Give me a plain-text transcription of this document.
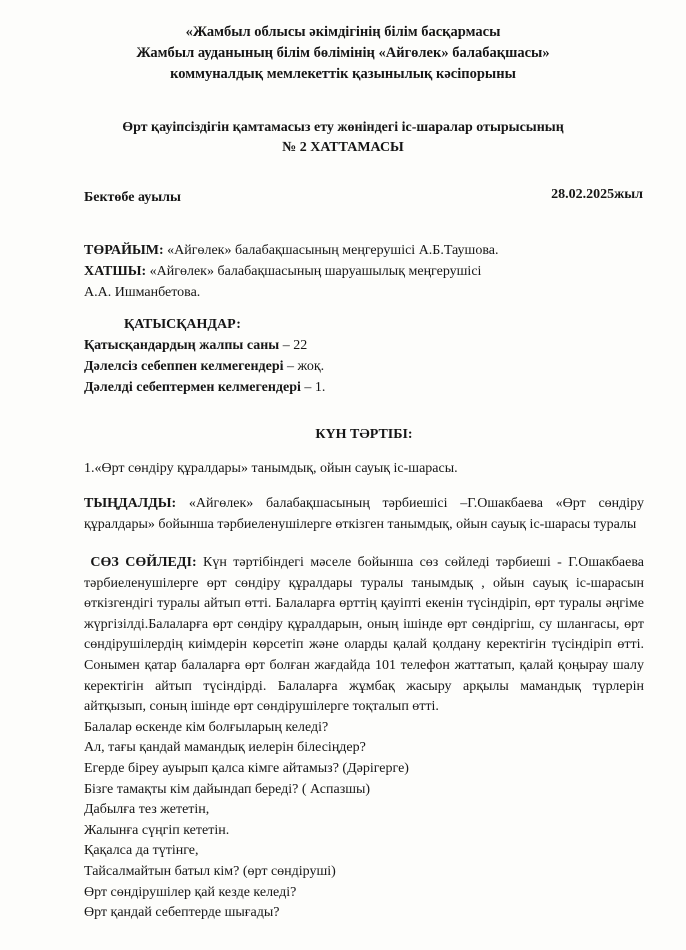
«Жамбыл облысы әкімдігінің білім басқармасы
Жамбыл ауданының білім бөлімінің «Айгөлек» балабақшасы»
коммуналдық мемлекеттік қазынылық кәсіпорыны
Өрт қауіпсіздігін қамтамасыз ету жөніндегі іс-шаралар отырысының
№ 2 ХАТТАМАСЫ
Бектөбе ауылы	28.02.2025жыл
ТӨРАЙЫМ: «Айгөлек» балабақшасының меңгерушісі А.Б.Таушова.
ХАТШЫ: «Айгөлек» балабақшасының шаруашылық меңгерушісі
А.А. Ишманбетова.
ҚАТЫСҚАНДАР:
Қатысқандардың жалпы саны – 22
Дәлелсіз себеппен келмегендері – жоқ.
Дәлелді себептермен келмегендері – 1.
КҮН ТӘРТІБІ:
1.«Өрт сөндіру құралдары» танымдық, ойын сауық іс-шарасы.
ТЫҢДАЛДЫ: «Айгөлек» балабақшасының тәрбиешісі –Г.Ошакбаева «Өрт сөндіру құралдары» бойынша тәрбиеленушілерге өткізген танымдық, ойын сауық іс-шарасы туралы
СӨЗ СӨЙЛЕДІ: Күн тәртібіндегі мәселе бойынша сөз сөйледі тәрбиеші - Г.Ошакбаева тәрбиеленушілерге өрт сөндіру құралдары туралы танымдық , ойын сауық іс-шарасын өткізгендігі туралы айтып өтті. Балаларға өрттің қауіпті екенін түсіндіріп, өрт туралы әңгіме жүргізілді.Балаларға өрт сөндіру құралдарын, оның ішінде өрт сөндіргіш, су шлангасы, өрт сөндірушілердің киімдерін көрсетіп және оларды қалай қолдану керектігін түсіндіріп өтті. Сонымен қатар балаларға өрт болған жағдайда 101 телефон жаттатып, қалай қоңырау шалу керектігін айтып түсіндірді. Балаларға жұмбақ жасыру арқылы мамандық түрлерін айтқызып, соның ішінде өрт сөндірушілерге тоқталып өтті.
Балалар өскенде кім болғыларың келеді?
Ал, тағы қандай мамандық иелерін білесіңдер?
Егерде біреу ауырып қалса кімге айтамыз? (Дәрігерге)
Бізге тамақты кім дайындап береді? ( Аспазшы)
Дабылға тез жететін,
Жалынға сүңгіп кететін.
Қақалса да түтінге,
Тайсалмайтын батыл кім? (өрт сөндіруші)
Өрт сөндірушілер қай кезде келеді?
Өрт қандай себептерде шығады?
